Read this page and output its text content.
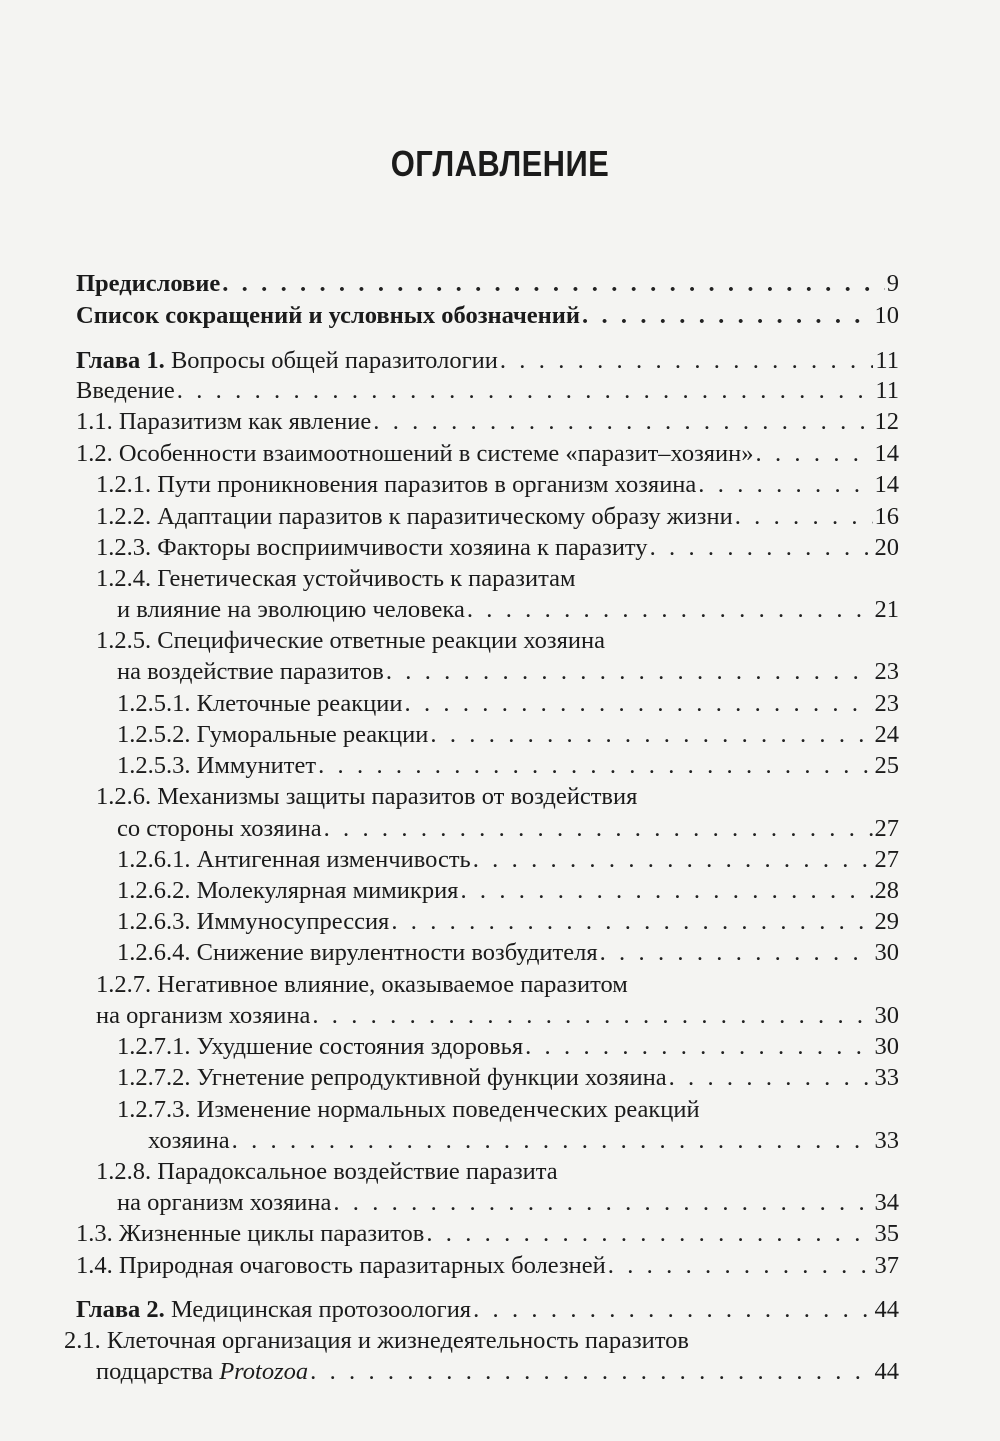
ОГЛАВЛЕНИЕ
Предисловие . . .	9
Список сокращений и условных обозначений . . .	10
Глава 1. Вопросы общей паразитологии . . .	11
Введение . . .	11
1.1. Паразитизм как явление . . .	12
1.2. Особенности взаимоотношений в системе «паразит–хозяин» . . .	14
1.2.1. Пути проникновения паразитов в организм хозяина . . .	14
1.2.2. Адаптации паразитов к паразитическому образу жизни . . .	16
1.2.3. Факторы восприимчивости хозяина к паразиту . . .	20
1.2.4. Генетическая устойчивость к паразитам
и влияние на эволюцию человека . . .	21
1.2.5. Специфические ответные реакции хозяина
на воздействие паразитов . . .	23
1.2.5.1. Клеточные реакции . . .	23
1.2.5.2. Гуморальные реакции . . .	24
1.2.5.3. Иммунитет . . .	25
1.2.6. Механизмы защиты паразитов от воздействия
со стороны хозяина . . .	27
1.2.6.1. Антигенная изменчивость . . .	27
1.2.6.2. Молекулярная мимикрия . . .	28
1.2.6.3. Иммуносупрессия . . .	29
1.2.6.4. Снижение вирулентности возбудителя . . .	30
1.2.7. Негативное влияние, оказываемое паразитом
на организм хозяина . . .	30
1.2.7.1. Ухудшение состояния здоровья . . .	30
1.2.7.2. Угнетение репродуктивной функции хозяина . . .	33
1.2.7.3. Изменение нормальных поведенческих реакций
хозяина . . .	33
1.2.8. Парадоксальное воздействие паразита
на организм хозяина . . .	34
1.3. Жизненные циклы паразитов . . .	35
1.4. Природная очаговость паразитарных болезней . . .	37
Глава 2. Медицинская протозоология . . .	44
2.1. Клеточная организация и жизнедеятельность паразитов
подцарства Protozoa . . .	44
